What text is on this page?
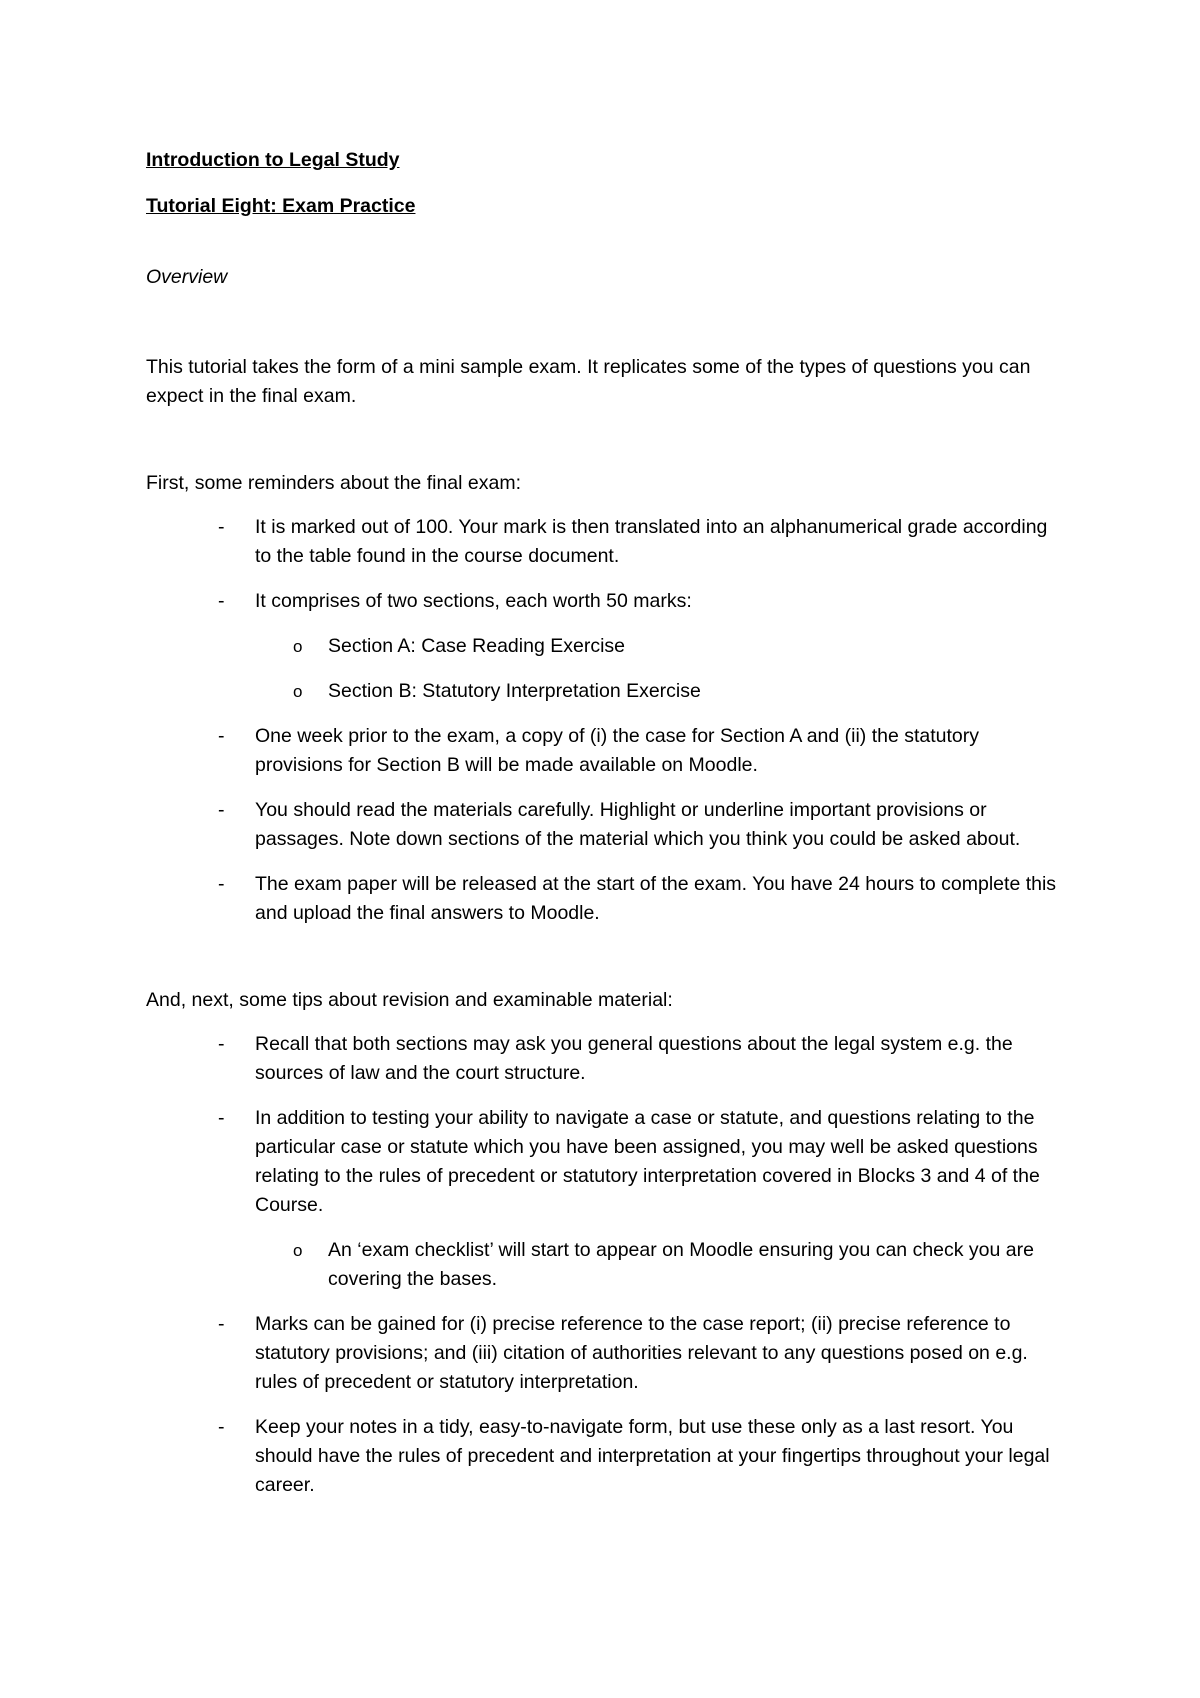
Introduction to Legal Study

Tutorial Eight: Exam Practice

Overview

This tutorial takes the form of a mini sample exam. It replicates some of the types of questions you can expect in the final exam.

First, some reminders about the final exam:

- It is marked out of 100. Your mark is then translated into an alphanumerical grade according to the table found in the course document.
- It comprises of two sections, each worth 50 marks:
o Section A: Case Reading Exercise
o Section B: Statutory Interpretation Exercise
- One week prior to the exam, a copy of (i) the case for Section A and (ii) the statutory provisions for Section B will be made available on Moodle.
- You should read the materials carefully. Highlight or underline important provisions or passages. Note down sections of the material which you think you could be asked about.
- The exam paper will be released at the start of the exam. You have 24 hours to complete this and upload the final answers to Moodle.

And, next, some tips about revision and examinable material:

- Recall that both sections may ask you general questions about the legal system e.g. the sources of law and the court structure.
- In addition to testing your ability to navigate a case or statute, and questions relating to the particular case or statute which you have been assigned, you may well be asked questions relating to the rules of precedent or statutory interpretation covered in Blocks 3 and 4 of the Course.
o An ‘exam checklist’ will start to appear on Moodle ensuring you can check you are covering the bases.
- Marks can be gained for (i) precise reference to the case report; (ii) precise reference to statutory provisions; and (iii) citation of authorities relevant to any questions posed on e.g. rules of precedent or statutory interpretation.
- Keep your notes in a tidy, easy-to-navigate form, but use these only as a last resort. You should have the rules of precedent and interpretation at your fingertips throughout your legal career.
